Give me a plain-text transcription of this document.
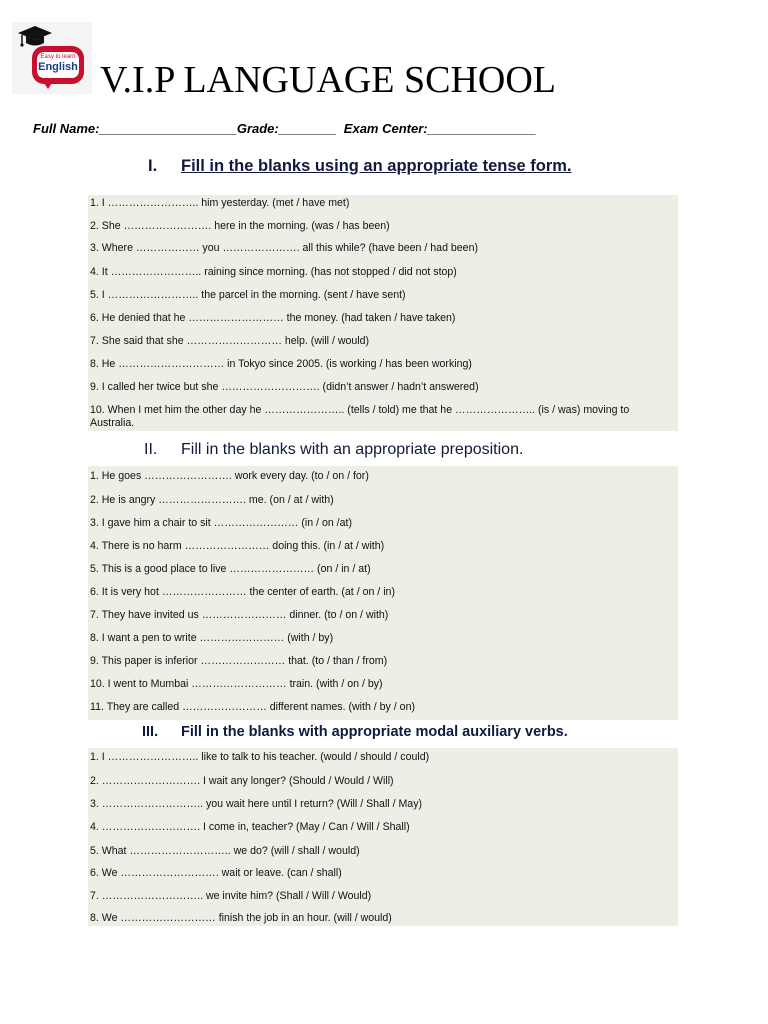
Easy to learn
English V.I.P LANGUAGE SCHOOL
Full Name:___________________Grade:________  Exam Center:_______________
I. Fill in the blanks using an appropriate tense form.
1. I …………………….. him yesterday. (met / have met)
2. She ……………………. here in the morning. (was / has been)
3. Where ……………… you …………………. all this while? (have been / had been)
4. It …………………….. raining since morning. (has not stopped / did not stop)
5. I …………………….. the parcel in the morning. (sent / have sent)
6. He denied that he ……………………… the money. (had taken / have taken)
7. She said that she ……………………… help. (will / would)
8. He ………………………… in Tokyo since 2005. (is working / has been working)
9. I called her twice but she ………………………. (didn’t answer / hadn’t answered)
10. When I met him the other day he ………………….. (tells / told) me that he ………………….. (is / was) moving to Australia.
II. Fill in the blanks with an appropriate preposition.
1. He goes ……………………. work every day. (to / on / for)
2. He is angry ……………………. me. (on / at / with)
3. I gave him a chair to sit …………………… (in / on /at)
4. There is no harm …………………… doing this. (in / at / with)
5. This is a good place to live …………………… (on / in / at)
6. It is very hot …………………… the center of earth. (at / on / in)
7. They have invited us …………………… dinner. (to / on / with)
8. I want a pen to write …………………… (with / by)
9. This paper is inferior …………………… that. (to / than / from)
10. I went to Mumbai ……………………… train. (with / on / by)
11. They are called …………………… different names. (with / by / on)
III. Fill in the blanks with appropriate modal auxiliary verbs.
1. I …………………….. like to talk to his teacher. (would / should / could)
2. ………………………. I wait any longer? (Should / Would / Will)
3. ……………………….. you wait here until I return? (Will / Shall / May)
4. ………………………. I come in, teacher? (May / Can / Will / Shall)
5. What ……………………….. we do? (will / shall / would)
6. We ………………………. wait or leave. (can / shall)
7. ……………………….. we invite him? (Shall / Will / Would)
8. We ……………………… finish the job in an hour. (will / would)
